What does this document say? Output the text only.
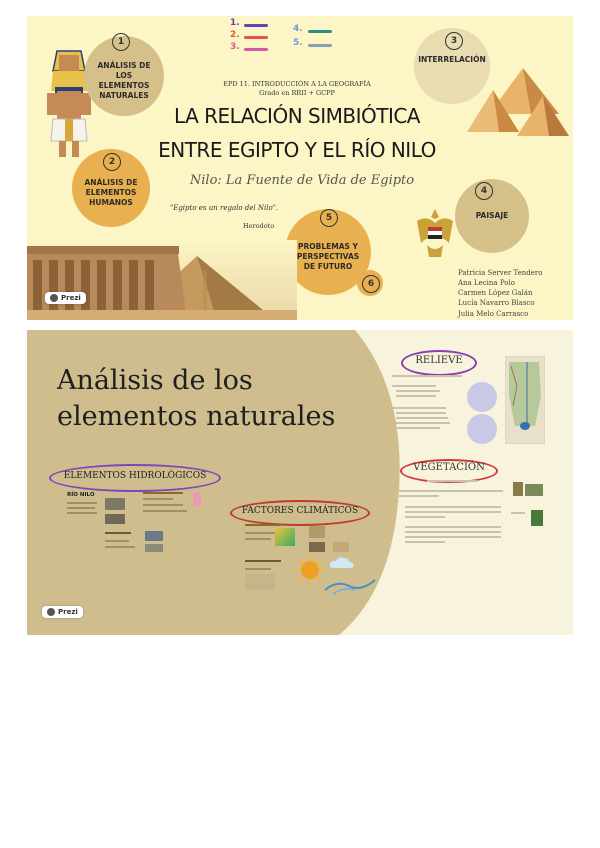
ANÁLISIS DE LOS ELEMENTOS NATURALES
1
ANÁLISIS DE ELEMENTOS HUMANOS
2
1.
2.
3.
4.
5.
EPD 11. INTRODUCCIÓN A LA GEOGRAFÍA
Grado en RRII + GCPP
LA RELACIÓN SIMBIÓTICA
ENTRE EGIPTO Y EL RÍO NILO
Nilo: La Fuente de Vida de Egipto
"Egipto es un regalo del Nilo".
Herodoto
PROBLEMAS Y PERSPECTIVAS DE FUTURO
5
6
INTERRELACIÓN
3
PAISAJE
4
Patricia Server Tendero
Ana Lecina Polo
Carmen López Galán
Lucía Navarro Blasco
Julia Melo Carrasco
Prezi
Análisis de los
elementos naturales
RELIEVE
VEGETACIÓN
ELEMENTOS HIDROLÓGICOS
RÍO NILO
FACTORES CLIMÁTICOS
Prezi
